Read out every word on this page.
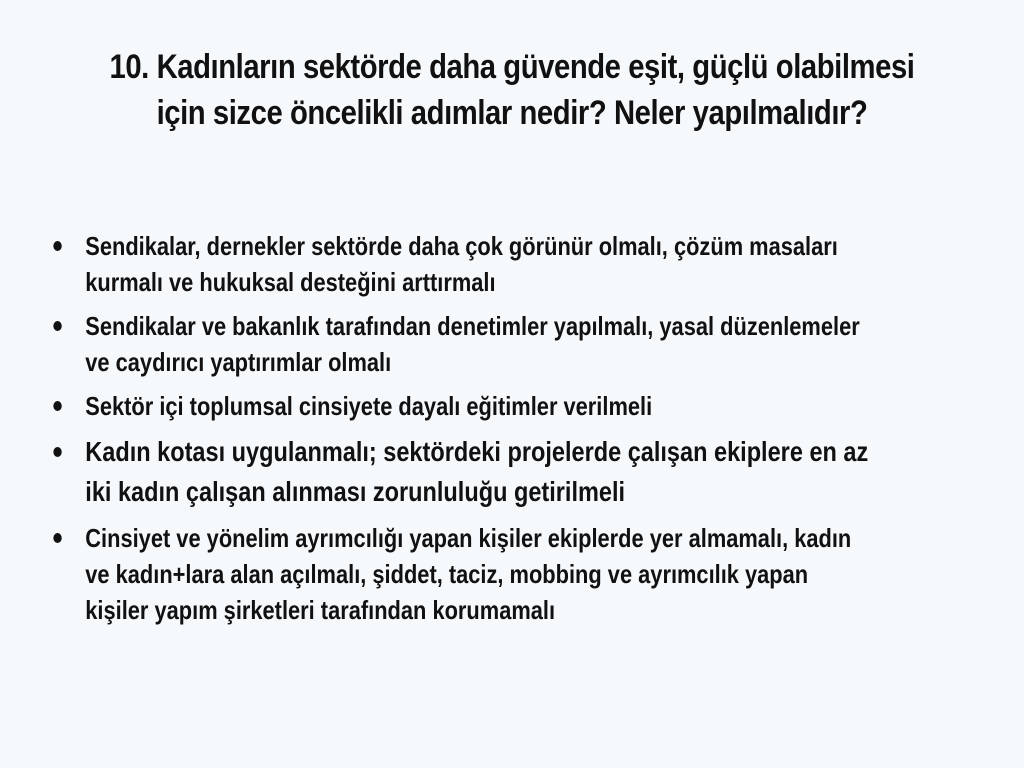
10. Kadınların sektörde daha güvende eşit, güçlü olabilmesi
için sizce öncelikli adımlar nedir? Neler yapılmalıdır?
Sendikalar, dernekler sektörde daha çok görünür olmalı, çözüm masaları
kurmalı ve hukuksal desteğini arttırmalı
Sendikalar ve bakanlık tarafından denetimler yapılmalı, yasal düzenlemeler
ve caydırıcı yaptırımlar olmalı
Sektör içi toplumsal cinsiyete dayalı eğitimler verilmeli
Kadın kotası uygulanmalı; sektördeki projelerde çalışan ekiplere en az
iki kadın çalışan alınması zorunluluğu getirilmeli
Cinsiyet ve yönelim ayrımcılığı yapan kişiler ekiplerde yer almamalı, kadın
ve kadın+lara alan açılmalı, şiddet, taciz, mobbing ve ayrımcılık yapan
kişiler yapım şirketleri tarafından korumamalı
